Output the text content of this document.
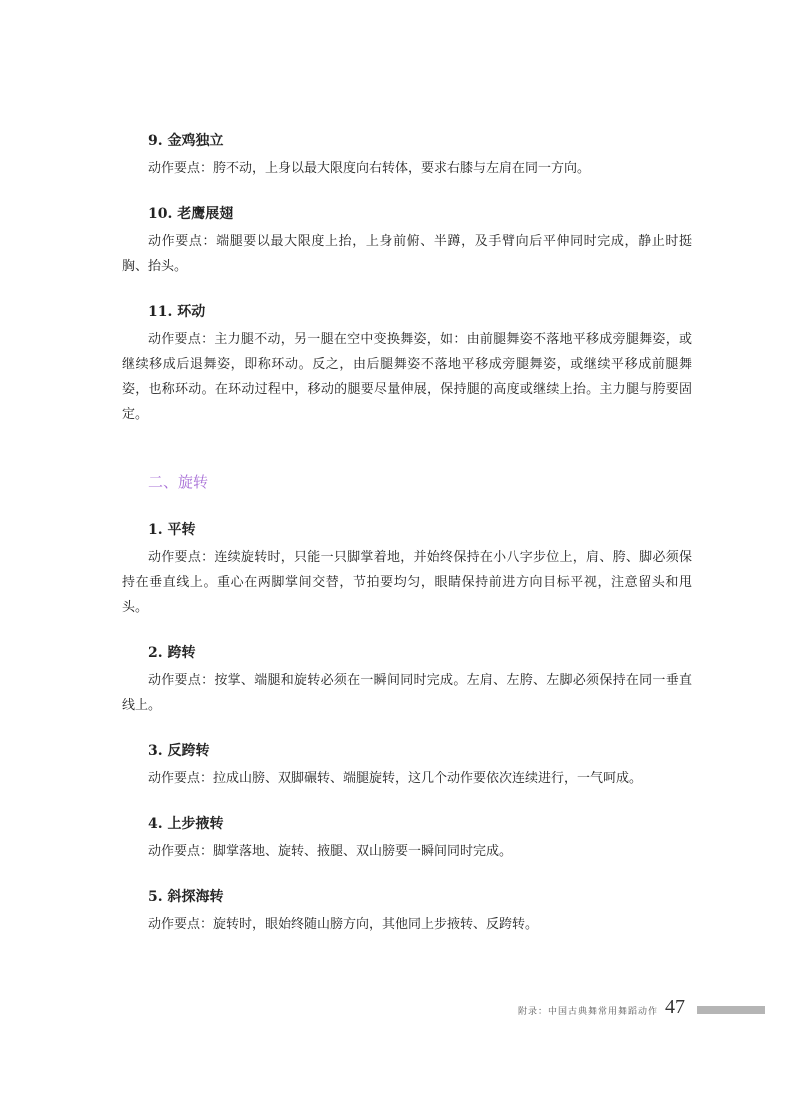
9. 金鸡独立

动作要点：胯不动，上身以最大限度向右转体，要求右膝与左肩在同一方向。

10. 老鹰展翅

动作要点：端腿要以最大限度上抬，上身前俯、半蹲，及手臂向后平伸同时完成，静止时挺胸、抬头。

11. 环动

动作要点：主力腿不动，另一腿在空中变换舞姿，如：由前腿舞姿不落地平移成旁腿舞姿，或继续移成后退舞姿，即称环动。反之，由后腿舞姿不落地平移成旁腿舞姿，或继续平移成前腿舞姿，也称环动。在环动过程中，移动的腿要尽量伸展，保持腿的高度或继续上抬。主力腿与胯要固定。

二、旋转
1. 平转

动作要点：连续旋转时，只能一只脚掌着地，并始终保持在小八字步位上，肩、胯、脚必须保持在垂直线上。重心在两脚掌间交替，节拍要均匀，眼睛保持前进方向目标平视，注意留头和甩头。

2. 跨转

动作要点：按掌、端腿和旋转必须在一瞬间同时完成。左肩、左胯、左脚必须保持在同一垂直线上。

3. 反跨转

动作要点：拉成山膀、双脚碾转、端腿旋转，这几个动作要依次连续进行，一气呵成。

4. 上步掖转

动作要点：脚掌落地、旋转、掖腿、双山膀要一瞬间同时完成。

5. 斜探海转

动作要点：旋转时，眼始终随山膀方向，其他同上步掖转、反跨转。

附录：中国古典舞常用舞蹈动作 47
